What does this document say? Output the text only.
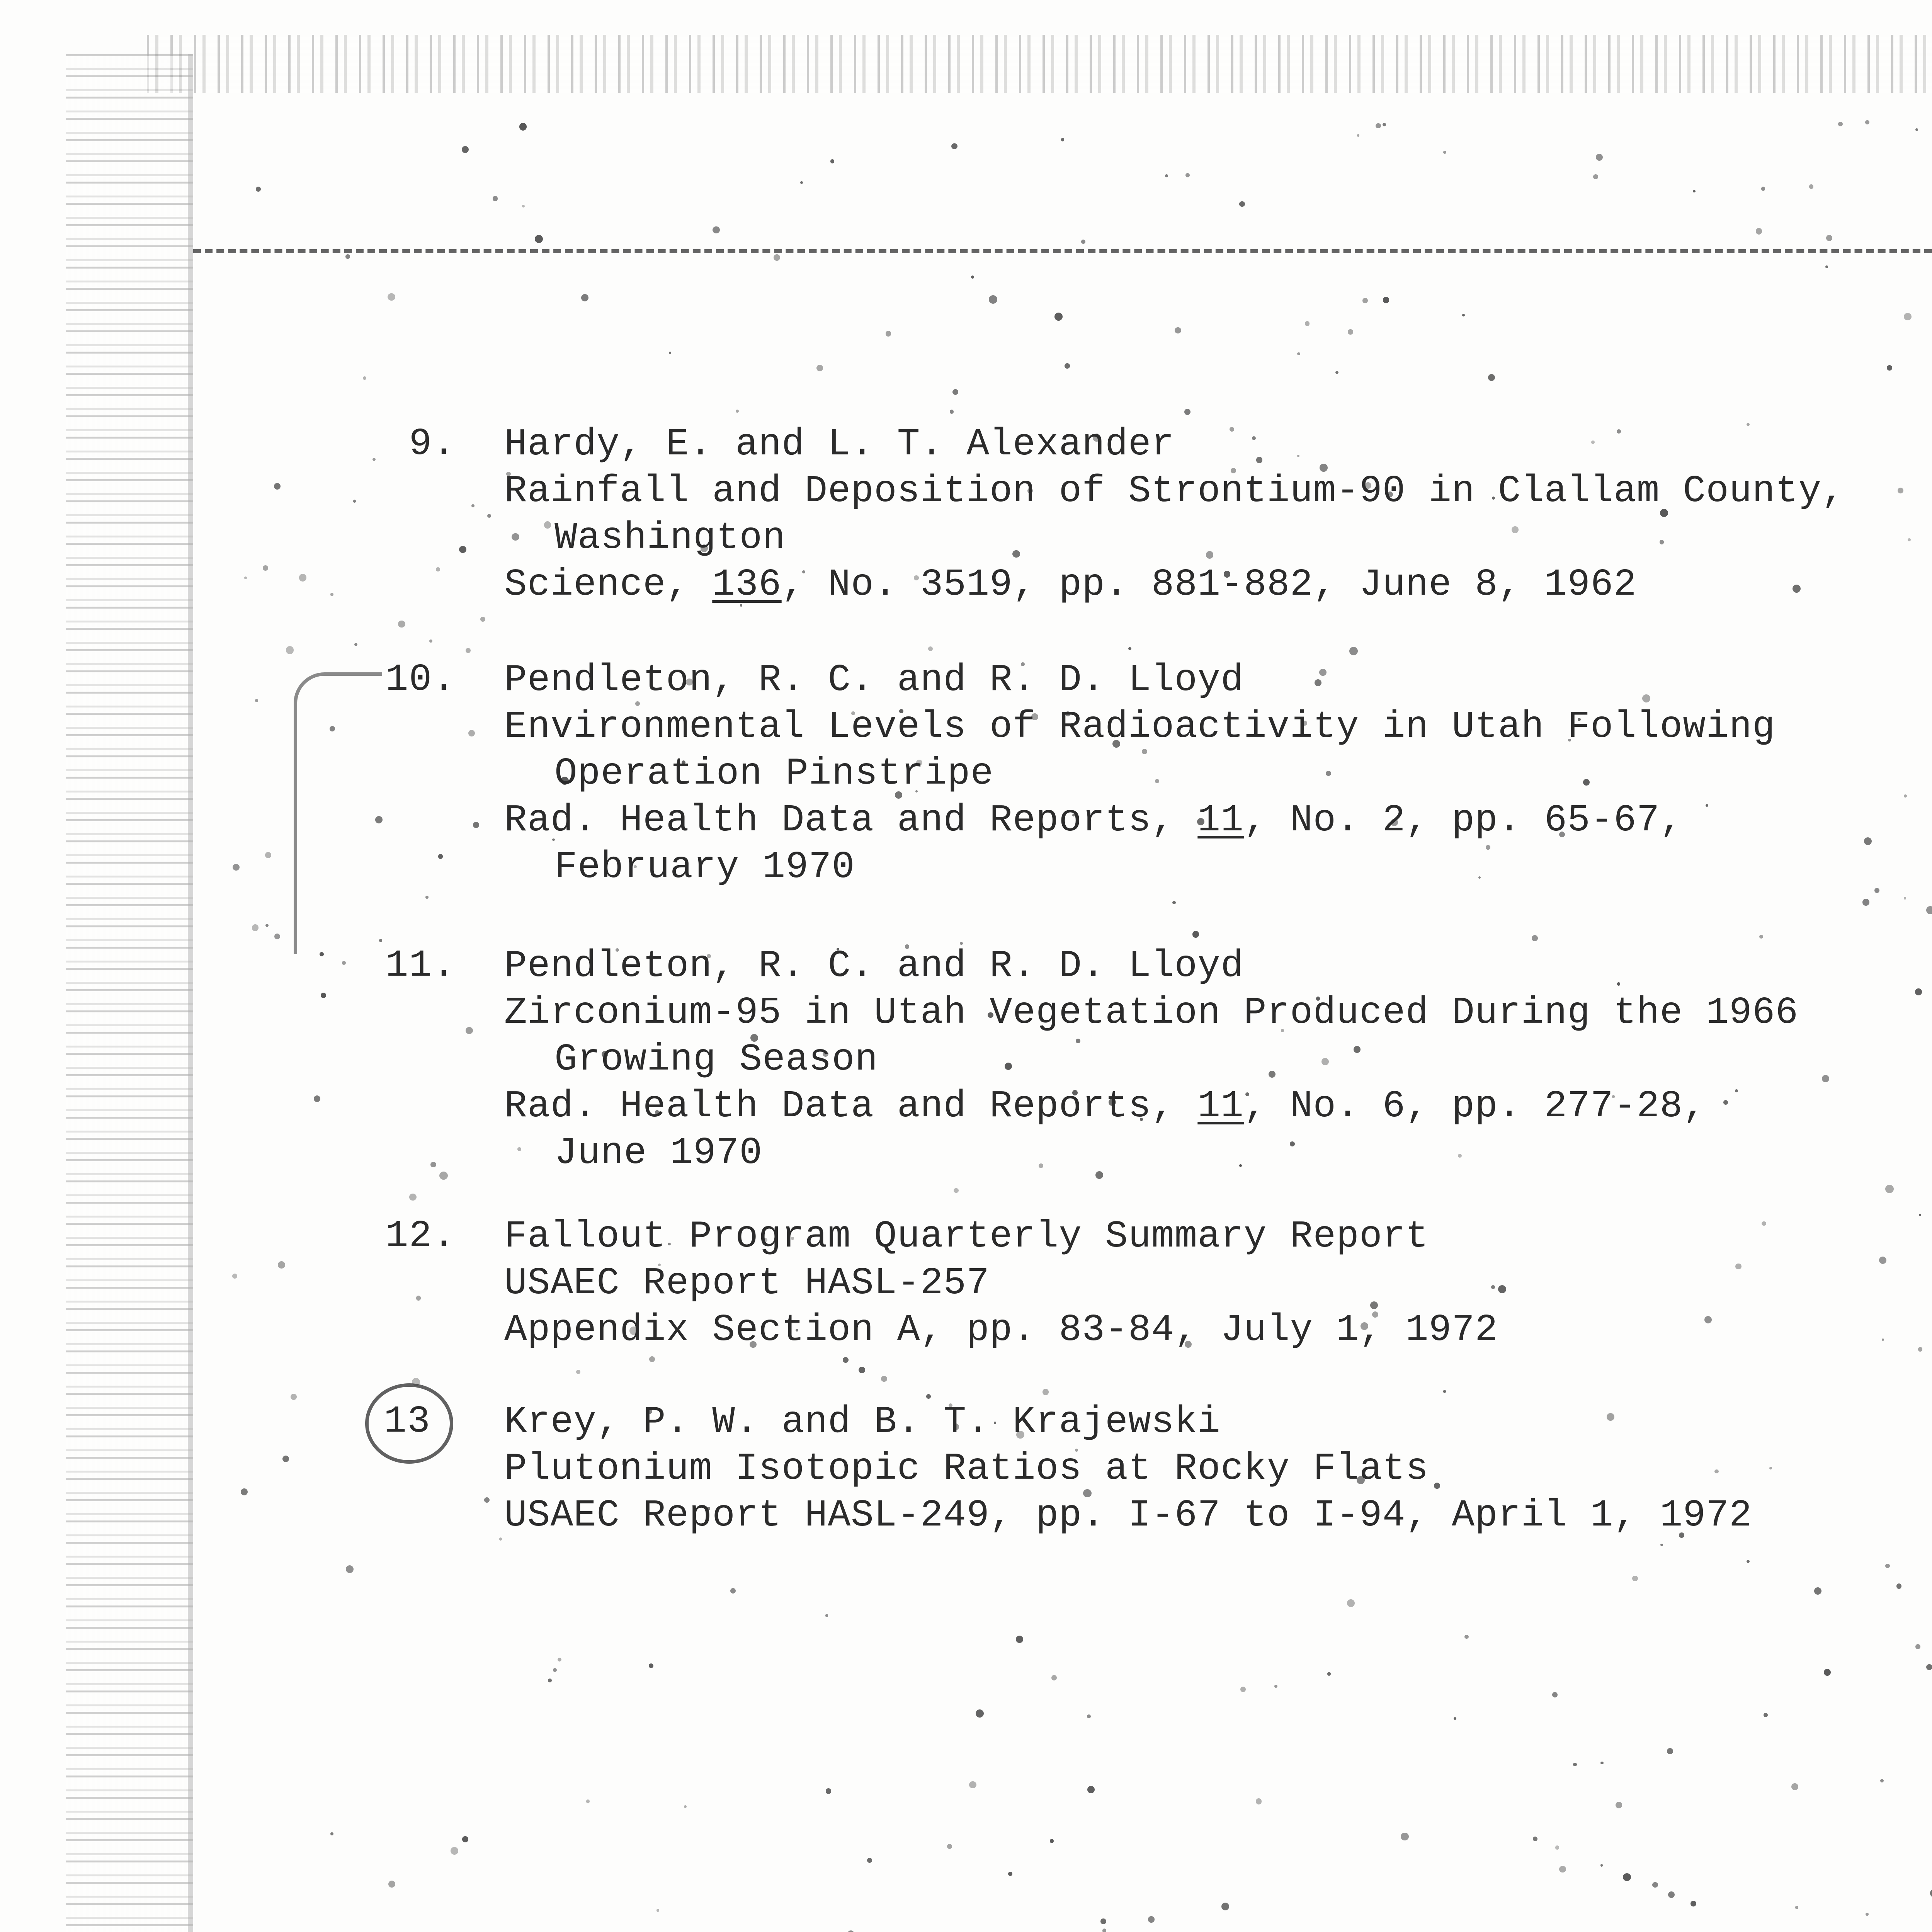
9. Hardy, E. and L. T. Alexander
Rainfall and Deposition of Strontium-90 in Clallam County,
Washington
Science, 136, No. 3519, pp. 881-882, June 8, 1962
10. Pendleton, R. C. and R. D. Lloyd
Environmental Levels of Radioactivity in Utah Following
Operation Pinstripe
Rad. Health Data and Reports, 11, No. 2, pp. 65-67,
February 1970
11. Pendleton, R. C. and R. D. Lloyd
Zirconium-95 in Utah Vegetation Produced During the 1966
Growing Season
Rad. Health Data and Reports, 11, No. 6, pp. 277-28,
June 1970
12. Fallout Program Quarterly Summary Report
USAEC Report HASL-257
Appendix Section A, pp. 83-84, July 1, 1972
13 Krey, P. W. and B. T. Krajewski
Plutonium Isotopic Ratios at Rocky Flats
USAEC Report HASL-249, pp. I-67 to I-94, April 1, 1972
